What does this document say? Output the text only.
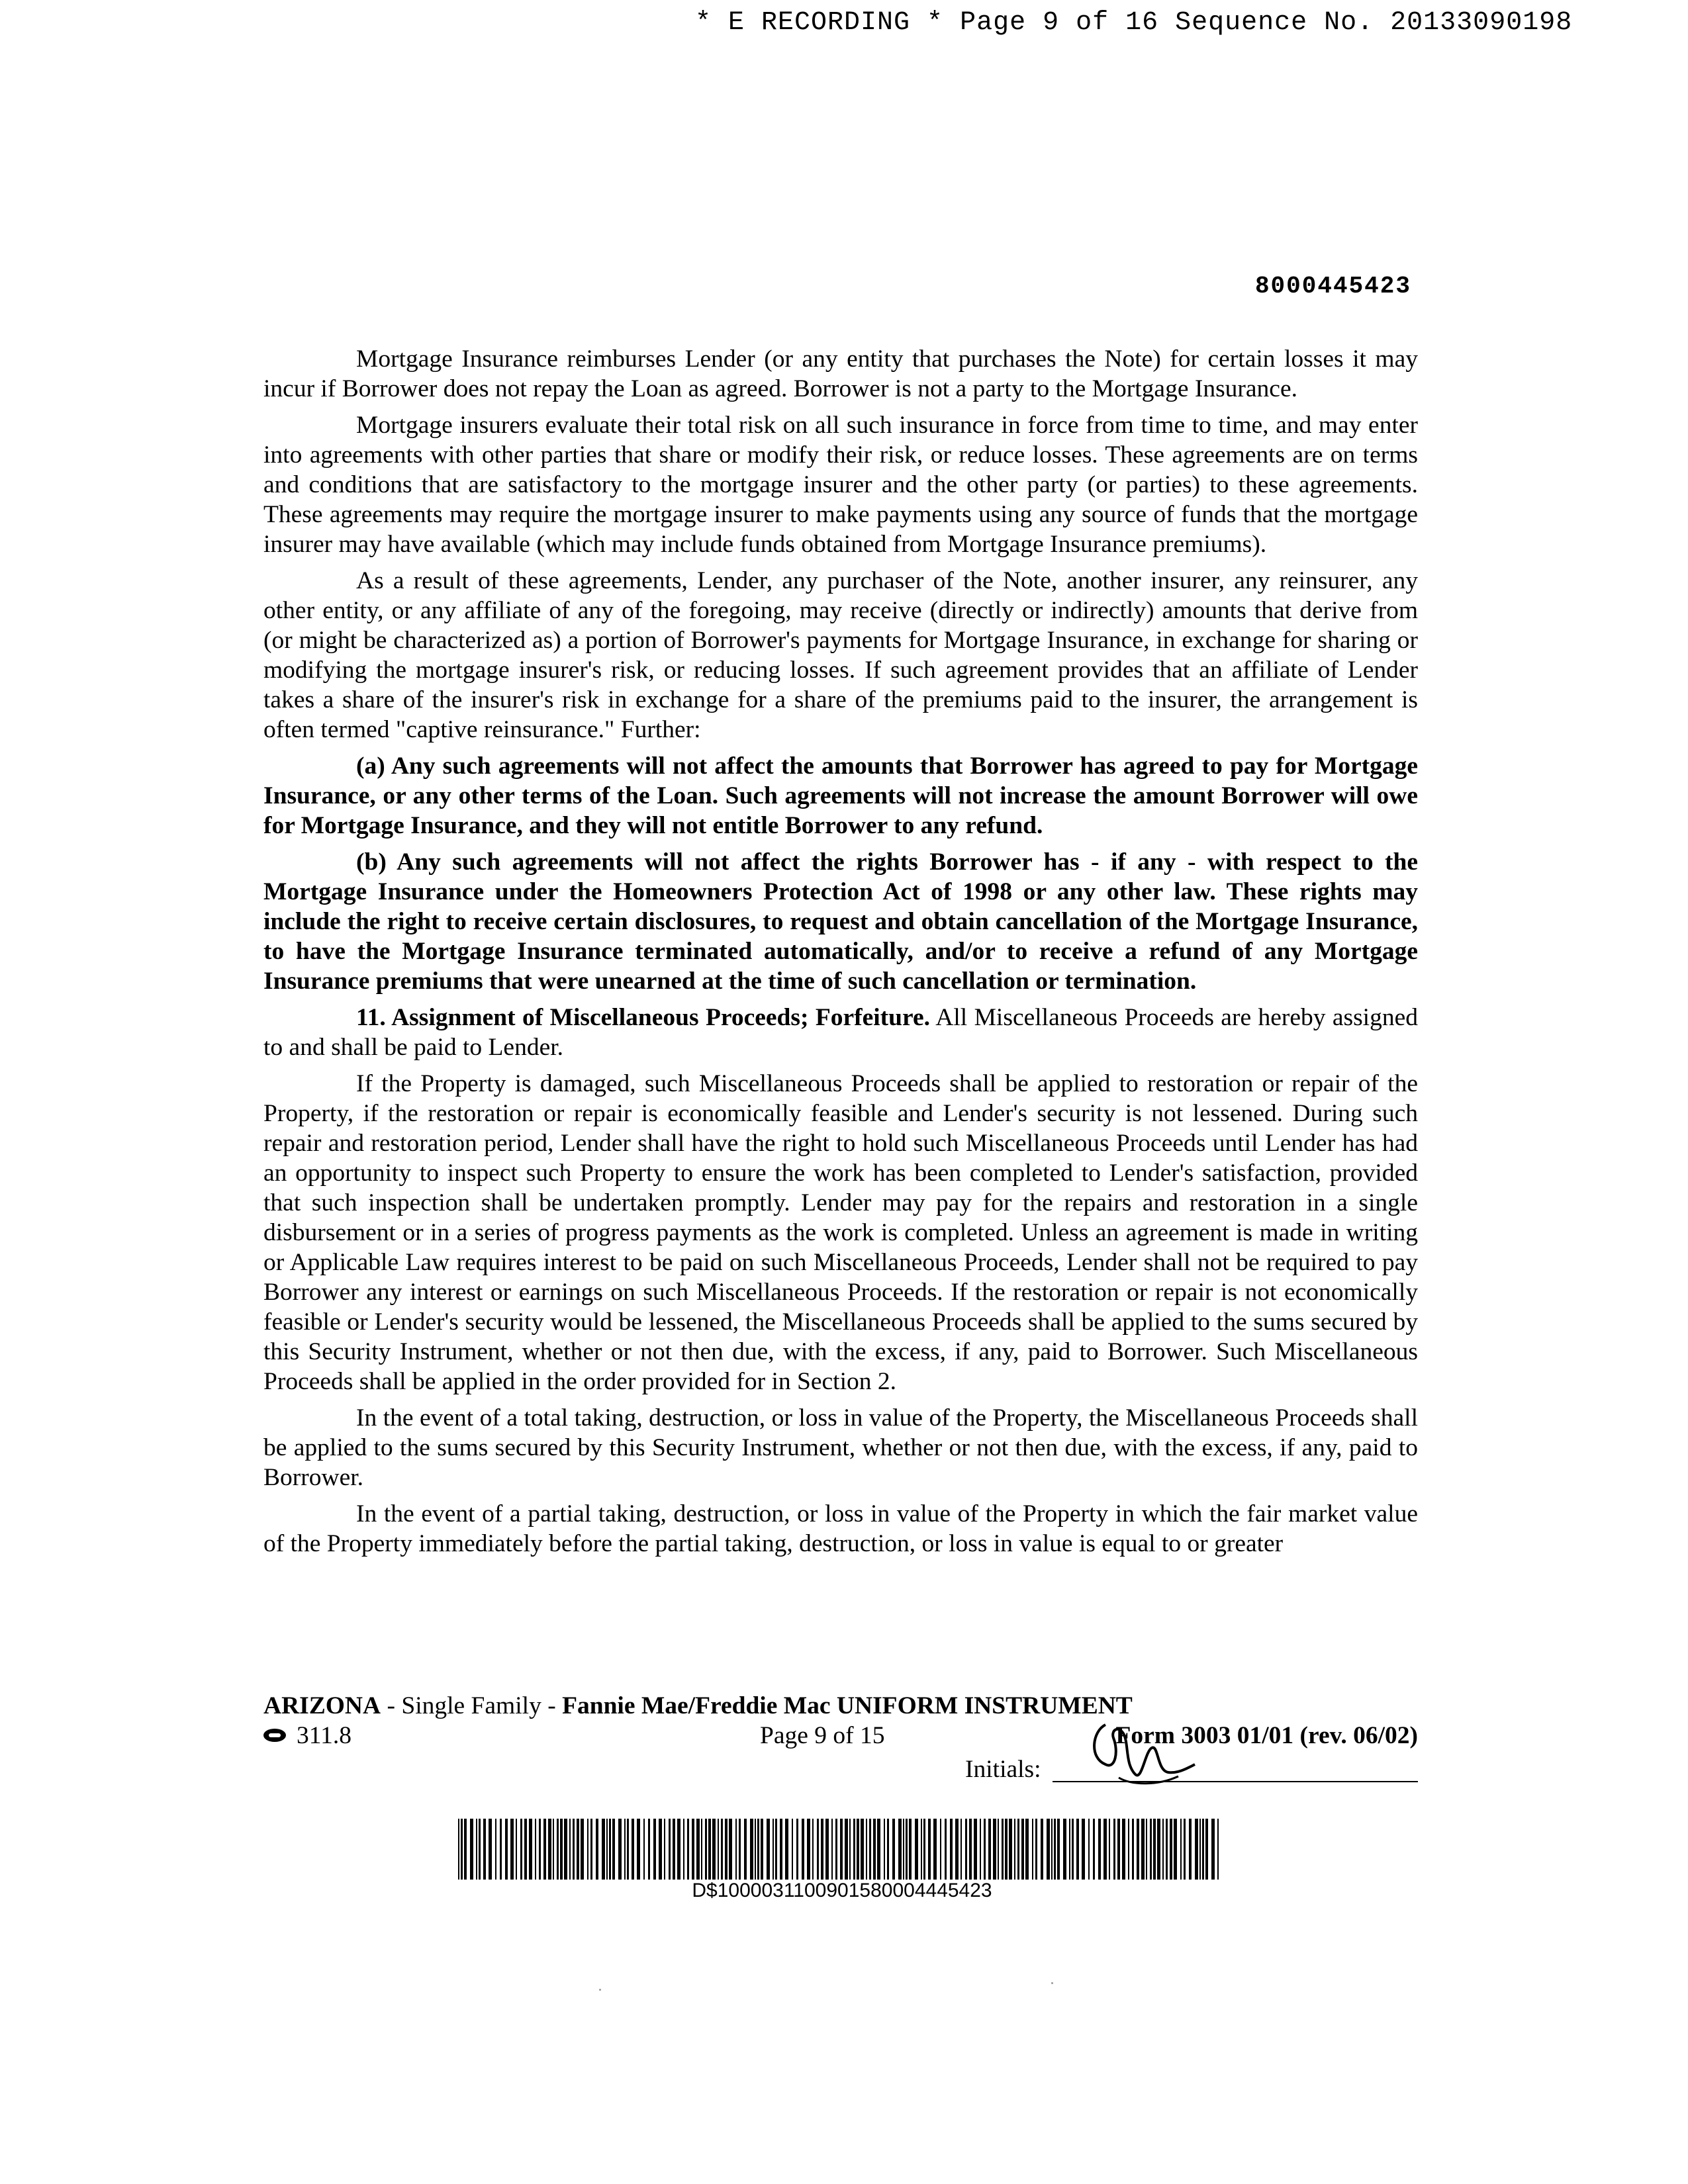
* E RECORDING * Page 9 of 16 Sequence No. 20133090198
8000445423

Mortgage Insurance reimburses Lender (or any entity that purchases the Note) for certain losses it may incur if Borrower does not repay the Loan as agreed. Borrower is not a party to the Mortgage Insurance.

Mortgage insurers evaluate their total risk on all such insurance in force from time to time, and may enter into agreements with other parties that share or modify their risk, or reduce losses. These agreements are on terms and conditions that are satisfactory to the mortgage insurer and the other party (or parties) to these agreements. These agreements may require the mortgage insurer to make payments using any source of funds that the mortgage insurer may have available (which may include funds obtained from Mortgage Insurance premiums).

As a result of these agreements, Lender, any purchaser of the Note, another insurer, any reinsurer, any other entity, or any affiliate of any of the foregoing, may receive (directly or indirectly) amounts that derive from (or might be characterized as) a portion of Borrower's payments for Mortgage Insurance, in exchange for sharing or modifying the mortgage insurer's risk, or reducing losses. If such agreement provides that an affiliate of Lender takes a share of the insurer's risk in exchange for a share of the premiums paid to the insurer, the arrangement is often termed "captive reinsurance." Further:

(a) Any such agreements will not affect the amounts that Borrower has agreed to pay for Mortgage Insurance, or any other terms of the Loan. Such agreements will not increase the amount Borrower will owe for Mortgage Insurance, and they will not entitle Borrower to any refund.

(b) Any such agreements will not affect the rights Borrower has - if any - with respect to the Mortgage Insurance under the Homeowners Protection Act of 1998 or any other law. These rights may include the right to receive certain disclosures, to request and obtain cancellation of the Mortgage Insurance, to have the Mortgage Insurance terminated automatically, and/or to receive a refund of any Mortgage Insurance premiums that were unearned at the time of such cancellation or termination.

11. Assignment of Miscellaneous Proceeds; Forfeiture. All Miscellaneous Proceeds are hereby assigned to and shall be paid to Lender.

If the Property is damaged, such Miscellaneous Proceeds shall be applied to restoration or repair of the Property, if the restoration or repair is economically feasible and Lender's security is not lessened. During such repair and restoration period, Lender shall have the right to hold such Miscellaneous Proceeds until Lender has had an opportunity to inspect such Property to ensure the work has been completed to Lender's satisfaction, provided that such inspection shall be undertaken promptly. Lender may pay for the repairs and restoration in a single disbursement or in a series of progress payments as the work is completed. Unless an agreement is made in writing or Applicable Law requires interest to be paid on such Miscellaneous Proceeds, Lender shall not be required to pay Borrower any interest or earnings on such Miscellaneous Proceeds. If the restoration or repair is not economically feasible or Lender's security would be lessened, the Miscellaneous Proceeds shall be applied to the sums secured by this Security Instrument, whether or not then due, with the excess, if any, paid to Borrower. Such Miscellaneous Proceeds shall be applied in the order provided for in Section 2.

In the event of a total taking, destruction, or loss in value of the Property, the Miscellaneous Proceeds shall be applied to the sums secured by this Security Instrument, whether or not then due, with the excess, if any, paid to Borrower.

In the event of a partial taking, destruction, or loss in value of the Property in which the fair market value of the Property immediately before the partial taking, destruction, or loss in value is equal to or greater

ARIZONA - Single Family - Fannie Mae/Freddie Mac UNIFORM INSTRUMENT
311.8	Page 9 of 15	Form 3003 01/01 (rev. 06/02)
Initials:
D$1000031100901580004445423
